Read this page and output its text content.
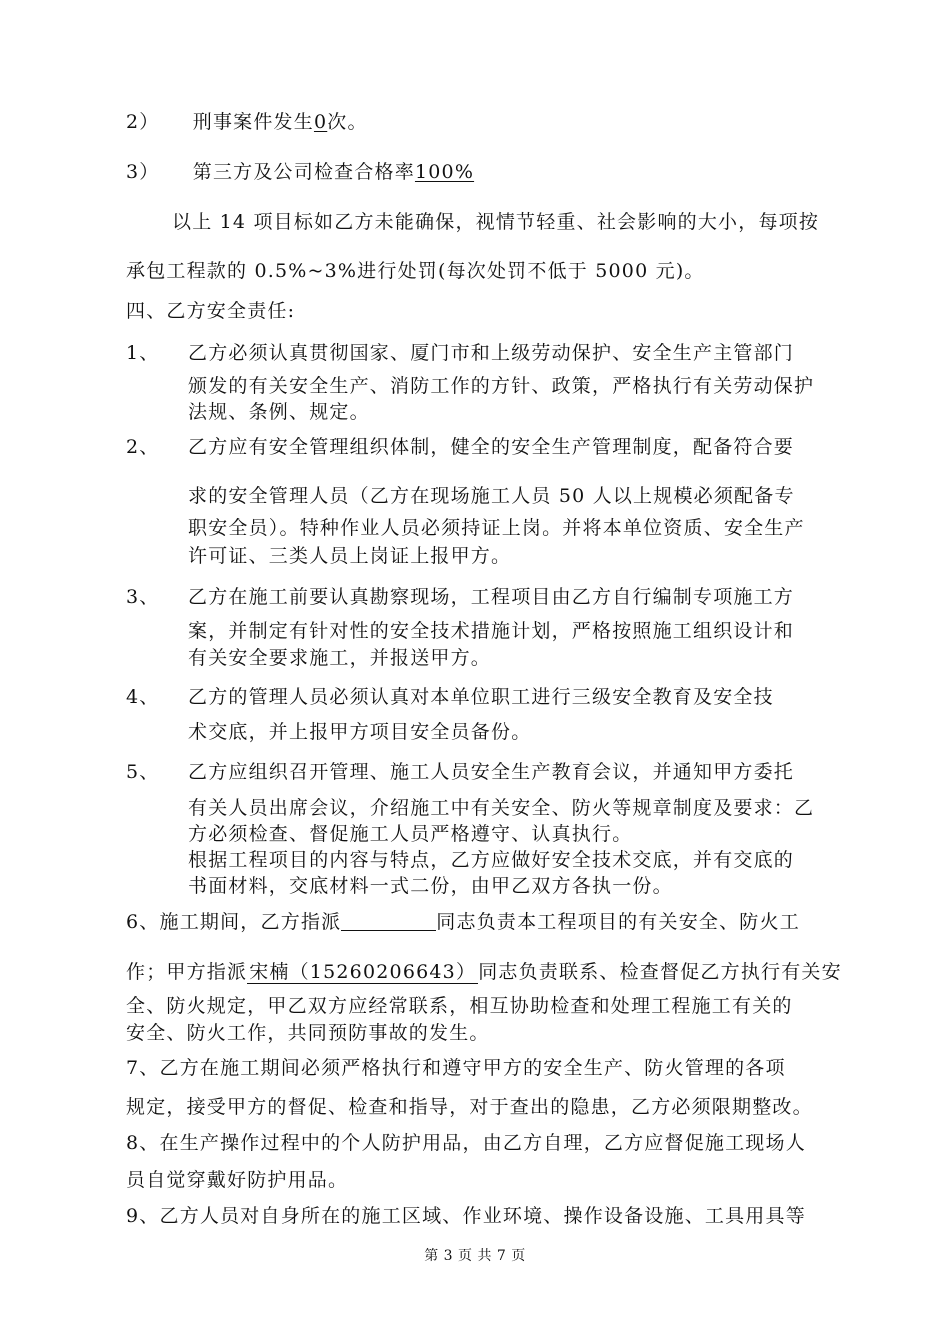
2） 刑事案件发生0次。
3） 第三方及公司检查合格率100%
以上 14 项目标如乙方未能确保，视情节轻重、社会影响的大小，每项按
承包工程款的 0.5%~3%进行处罚(每次处罚不低于 5000 元)。
四、乙方安全责任:
1、 乙方必须认真贯彻国家、厦门市和上级劳动保护、安全生产主管部门
颁发的有关安全生产、消防工作的方针、政策，严格执行有关劳动保护
法规、条例、规定。
2、 乙方应有安全管理组织体制，健全的安全生产管理制度，配备符合要
求的安全管理人员（乙方在现场施工人员 50 人以上规模必须配备专
职安全员）。特种作业人员必须持证上岗。并将本单位资质、安全生产
许可证、三类人员上岗证上报甲方。
3、 乙方在施工前要认真勘察现场，工程项目由乙方自行编制专项施工方
案，并制定有针对性的安全技术措施计划，严格按照施工组织设计和
有关安全要求施工，并报送甲方。
4、 乙方的管理人员必须认真对本单位职工进行三级安全教育及安全技
术交底，并上报甲方项目安全员备份。
5、 乙方应组织召开管理、施工人员安全生产教育会议，并通知甲方委托
有关人员出席会议，介绍施工中有关安全、防火等规章制度及要求：乙
方必须检查、督促施工人员严格遵守、认真执行。
根据工程项目的内容与特点，乙方应做好安全技术交底，并有交底的
书面材料，交底材料一式二份，由甲乙双方各执一份。
6、施工期间，乙方指派	同志负责本工程项目的有关安全、防火工
作；甲方指派 宋楠（15260206643） 同志负责联系、检查督促乙方执行有关安
全、防火规定，甲乙双方应经常联系，相互协助检查和处理工程施工有关的
安全、防火工作，共同预防事故的发生。
7、乙方在施工期间必须严格执行和遵守甲方的安全生产、防火管理的各项
规定，接受甲方的督促、检查和指导，对于查出的隐患，乙方必须限期整改。
8、在生产操作过程中的个人防护用品，由乙方自理，乙方应督促施工现场人
员自觉穿戴好防护用品。
9、乙方人员对自身所在的施工区域、作业环境、操作设备设施、工具用具等
第 3 页 共 7 页
